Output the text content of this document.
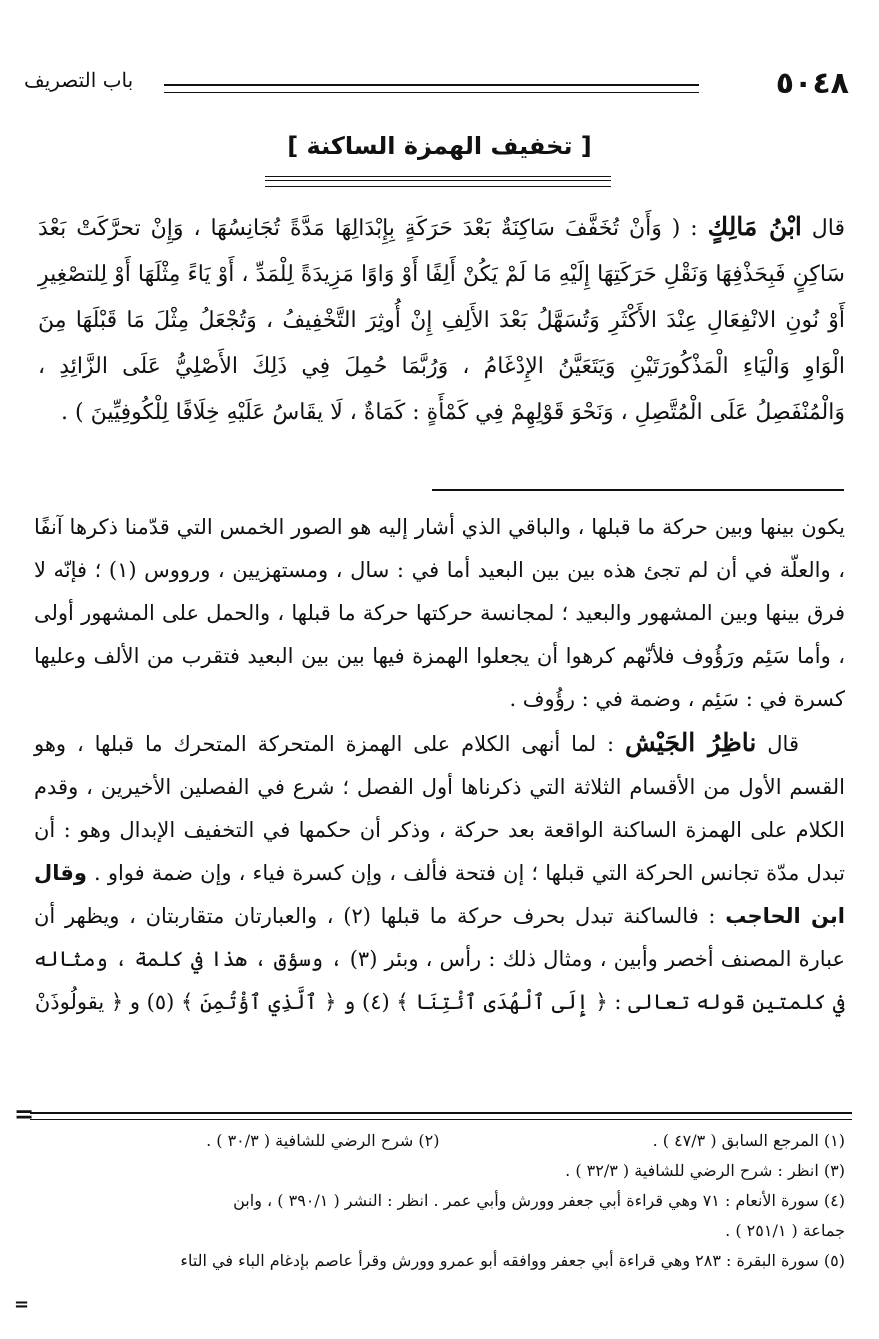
٥٠٤٨
باب التصريف
[ تخفيف الهمزة الساكنة ]

قال ابْنُ مَالِكٍ : ( وَأَنْ تُخَفَّفَ سَاكِنَةٌ بَعْدَ حَرَكَةٍ بِإِبْدَالِهَا مَدَّةً تُجَانِسُهَا ، وَإِنْ تحرَّكَتْ بَعْدَ سَاكِنٍ فَبِحَذْفِهَا وَنَقْلِ حَرَكَتِهَا إِلَيْهِ مَا لَمْ يَكُنْ أَلِفًا أَوْ وَاوًا مَزِيدَةً لِلْمَدِّ ، أَوْ يَاءً مِثْلَهَا أَوْ لِلتصْغِيرِ أَوْ نُونِ الانْفِعَالِ عِنْدَ الأَكْثَرِ وَتُسَهَّلُ بَعْدَ الأَلِفِ إِنْ أُوثِرَ التَّخْفِيفُ ، وَتُجْعَلُ مِثْلَ مَا قَبْلَهَا مِنَ الْوَاوِ وَالْيَاءِ الْمَذْكُورَتَيْنِ وَيَتَعَيَّنُ الإِدْغَامُ ، وَرُبَّمَا حُمِلَ فِي ذَلِكَ الأَصْلِيُّ عَلَى الزَّائِدِ ، وَالْمُنْفَصِلُ عَلَى الْمُتَّصِلِ ، وَنَحْوَ قَوْلِهِمْ فِي كَمْأَةٍ : كَمَاةٌ ، لَا يقَاسُ عَلَيْهِ خِلَافًا لِلْكُوفِيِّينَ ) .

يكون بينها وبين حركة ما قبلها ، والباقي الذي أشار إليه هو الصور الخمس التي قدّمنا ذكرها آنفًا ، والعلّة في أن لم تجئ هذه بين بين البعيد أما في : سال ، ومستهزيين ، ورووس (١) ؛ فإنّه لا فرق بينها وبين المشهور والبعيد ؛ لمجانسة حركتها حركة ما قبلها ، والحمل على المشهور أولى ، وأما سَئِم ورَؤُوف فلأنّهم كرهوا أن يجعلوا الهمزة فيها بين بين البعيد فتقرب من الألف وعليها كسرة في : سَئِم ، وضمة في : رؤُوف .

قال ناظِرُ الجَيْش : لما أنهى الكلام على الهمزة المتحركة المتحرك ما قبلها ، وهو القسم الأول من الأقسام الثلاثة التي ذكرناها أول الفصل ؛ شرع في الفصلين الأخيرين ، وقدم الكلام على الهمزة الساكنة الواقعة بعد حركة ، وذكر أن حكمها في التخفيف الإبدال وهو : أن تبدل مدّة تجانس الحركة التي قبلها ؛ إن فتحة فألف ، وإن كسرة فياء ، وإن ضمة فواو . وقال ابن الحاجب : فالساكنة تبدل بحرف حركة ما قبلها (٢) ، والعبارتان متقاربتان ، ويظهر أن عبارة المصنف أخصر وأبين ، ومثال ذلك : رأس ، وبئر (٣) ، وسؤق ، هذا في كلمة ، ومثاله في كلمتين قوله تعالى : ﴿ إِلَى ٱلْهُدَى ٱئْتِنَا ﴾ (٤) و ﴿ ٱلَّذِي ٱؤْتُمِنَ ﴾ (٥) و ﴿ يقولُوذَنْ

=
(١) المرجع السابق ( ٤٧/٣ ) .
(٢) شرح الرضي للشافية ( ٣٠/٣ ) .
(٣) انظر : شرح الرضي للشافية ( ٣٢/٣ ) .
(٤) سورة الأنعام : ٧١ وهي قراءة أبي جعفر وورش وأبي عمر . انظر : النشر ( ٣٩٠/١ ) ، وابن
جماعة ( ٢٥١/١ ) .
(٥) سورة البقرة : ٢٨٣ وهي قراءة أبي جعفر ووافقه أبو عمرو وورش وقرأ عاصم بإدغام الباء في التاء
=
